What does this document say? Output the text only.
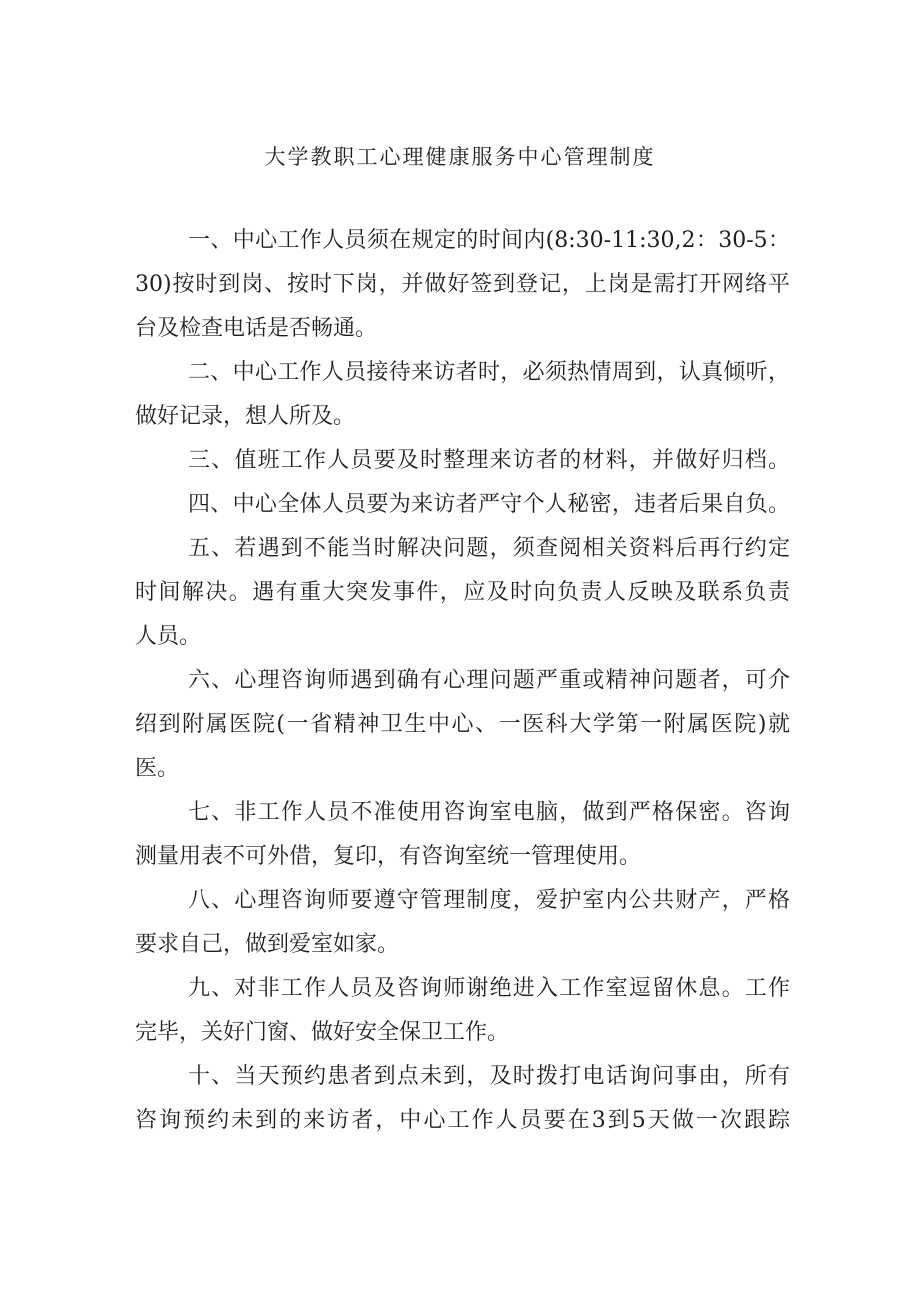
大学教职工心理健康服务中心管理制度
一、中心工作人员须在规定的时间内(8:30-11:30,2：30-5：
30)按时到岗、按时下岗，并做好签到登记，上岗是需打开网络平
台及检查电话是否畅通。
二、中心工作人员接待来访者时，必须热情周到，认真倾听，
做好记录，想人所及。
三、值班工作人员要及时整理来访者的材料，并做好归档。
四、中心全体人员要为来访者严守个人秘密，违者后果自负。
五、若遇到不能当时解决问题，须查阅相关资料后再行约定
时间解决。遇有重大突发事件，应及时向负责人反映及联系负责
人员。
六、心理咨询师遇到确有心理问题严重或精神问题者，可介
绍到附属医院(一省精神卫生中心、一医科大学第一附属医院)就
医。
七、非工作人员不准使用咨询室电脑，做到严格保密。咨询
测量用表不可外借，复印，有咨询室统一管理使用。
八、心理咨询师要遵守管理制度，爱护室内公共财产，严格
要求自己，做到爱室如家。
九、对非工作人员及咨询师谢绝进入工作室逗留休息。工作
完毕，关好门窗、做好安全保卫工作。
十、当天预约患者到点未到，及时拨打电话询问事由，所有
咨询预约未到的来访者，中心工作人员要在3到5天做一次跟踪
